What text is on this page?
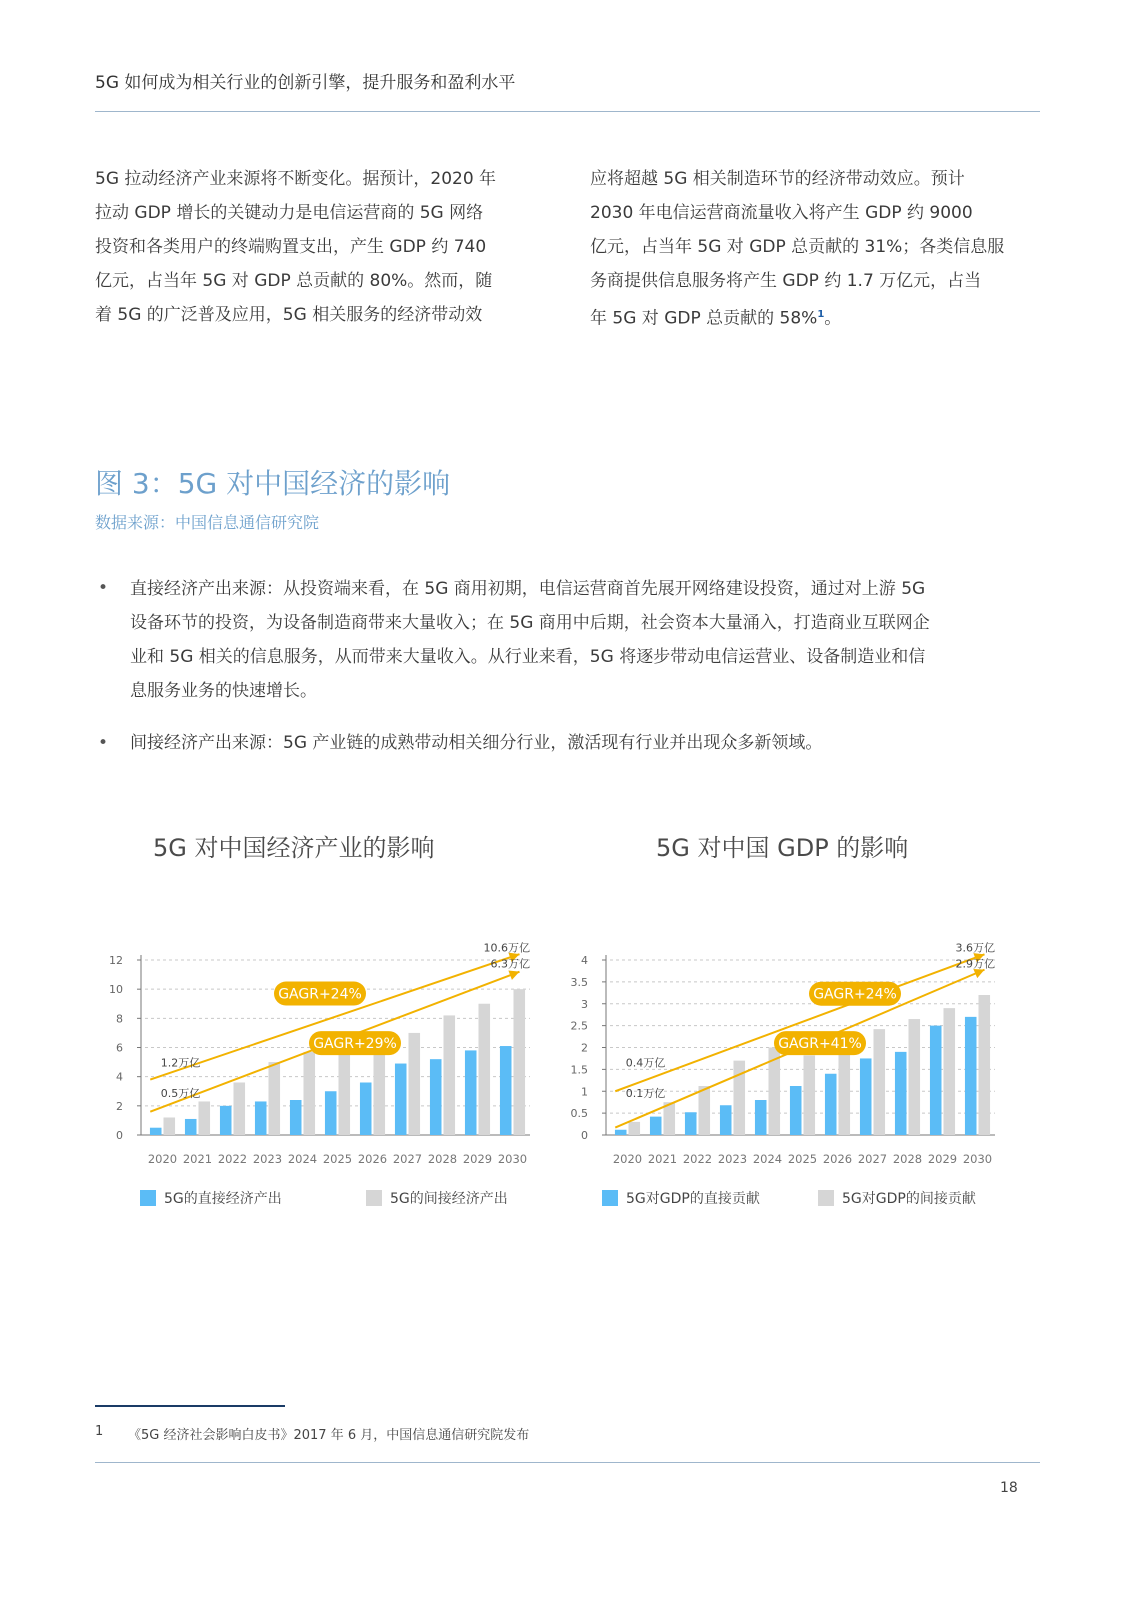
5G 如何成为相关行业的创新引擎，提升服务和盈利水平
5G 拉动经济产业来源将不断变化。据预计，2020 年
拉动 GDP 增长的关键动力是电信运营商的 5G 网络
投资和各类用户的终端购置支出，产生 GDP 约 740
亿元，占当年 5G 对 GDP 总贡献的 80%。然而，随
着 5G 的广泛普及应用，5G 相关服务的经济带动效
应将超越 5G 相关制造环节的经济带动效应。预计
2030 年电信运营商流量收入将产生 GDP 约 9000
亿元，占当年 5G 对 GDP 总贡献的 31%；各类信息服
务商提供信息服务将产生 GDP 约 1.7 万亿元，占当
年 5G 对 GDP 总贡献的 58%$^1$。
图 3：5G 对中国经济的影响
数据来源：中国信息通信研究院
• 直接经济产出来源：从投资端来看，在 5G 商用初期，电信运营商首先展开网络建设投资，通过对上游 5G
设备环节的投资，为设备制造商带来大量收入；在 5G 商用中后期，社会资本大量涌入，打造商业互联网企
业和 5G 相关的信息服务，从而带来大量收入。从行业来看，5G 将逐步带动电信运营业、设备制造业和信
息服务业务的快速增长。
• 间接经济产出来源：5G 产业链的成熟带动相关细分行业，激活现有行业并出现众多新领域。
5G 对中国经济产业的影响	5G 对中国 GDP 的影响
0
2
4
6
8
10
12
2020 2021 2022 2023 2024 2025 2026 2027 2028 2029 2030
GAGR+24%
GAGR+29%
10.6万亿
6.3万亿
1.2万亿
0.5万亿
0
0.5
1
1.5
2
2.5
3
3.5
4
2020 2021 2022 2023 2024 2025 2026 2027 2028 2029 2030
GAGR+24%
GAGR+41%
3.6万亿
2.9万亿
0.4万亿
0.1万亿
5G的直接经济产出	5G的间接经济产出	5G对GDP的直接贡献	5G对GDP的间接贡献
1 《5G 经济社会影响白皮书》2017 年 6 月，中国信息通信研究院发布
18
